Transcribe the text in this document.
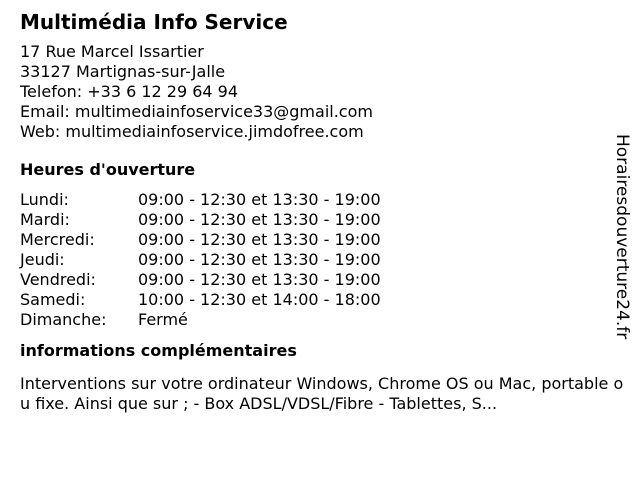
Multimédia Info Service
17 Rue Marcel Issartier
33127 Martignas-sur-Jalle
Telefon: +33 6 12 29 64 94
Email: multimediainfoservice33@gmail.com
Web: multimediainfoservice.jimdofree.com
Heures d'ouverture
Lundi:	09:00 - 12:30 et 13:30 - 19:00
Mardi:	09:00 - 12:30 et 13:30 - 19:00
Mercredi:	09:00 - 12:30 et 13:30 - 19:00
Jeudi:	09:00 - 12:30 et 13:30 - 19:00
Vendredi:	09:00 - 12:30 et 13:30 - 19:00
Samedi:	10:00 - 12:30 et 14:00 - 18:00
Dimanche:	Fermé
informations complémentaires
Interventions sur votre ordinateur Windows, Chrome OS ou Mac, portable ou fixe. Ainsi que sur ; - Box ADSL/VDSL/Fibre - Tablettes, S...
Horairesdouverture24.fr
